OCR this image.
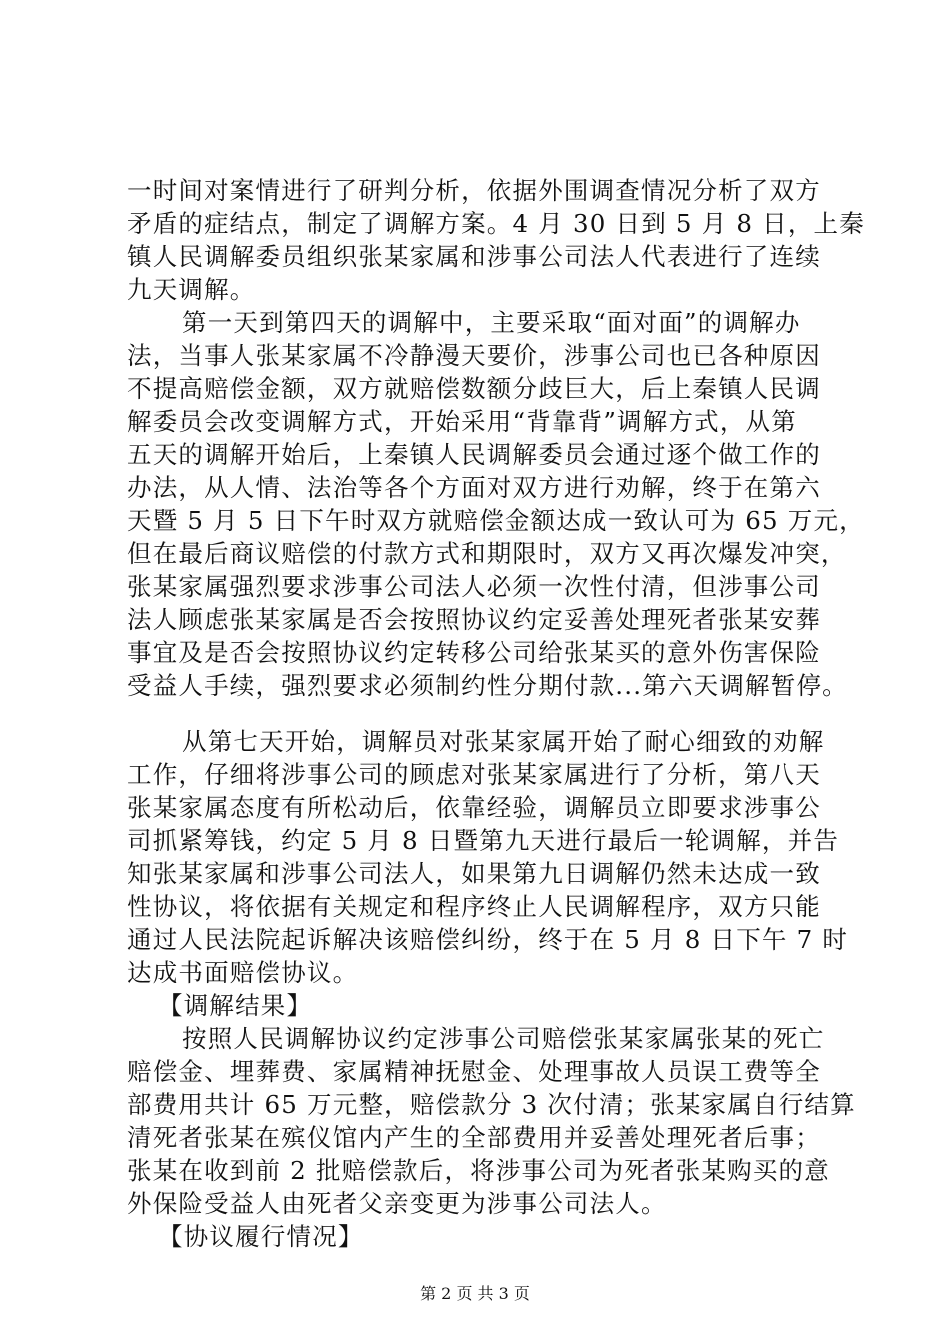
一时间对案情进行了研判分析，依据外围调查情况分析了双方
矛盾的症结点，制定了调解方案。4 月 30 日到 5 月 8 日，上秦
镇人民调解委员组织张某家属和涉事公司法人代表进行了连续
九天调解。
第一天到第四天的调解中，主要采取“面对面”的调解办
法，当事人张某家属不冷静漫天要价，涉事公司也已各种原因
不提高赔偿金额，双方就赔偿数额分歧巨大，后上秦镇人民调
解委员会改变调解方式，开始采用“背靠背”调解方式，从第
五天的调解开始后，上秦镇人民调解委员会通过逐个做工作的
办法，从人情、法治等各个方面对双方进行劝解，终于在第六
天暨 5 月 5 日下午时双方就赔偿金额达成一致认可为 65 万元，
但在最后商议赔偿的付款方式和期限时，双方又再次爆发冲突，
张某家属强烈要求涉事公司法人必须一次性付清，但涉事公司
法人顾虑张某家属是否会按照协议约定妥善处理死者张某安葬
事宜及是否会按照协议约定转移公司给张某买的意外伤害保险
受益人手续，强烈要求必须制约性分期付款...第六天调解暂停。
从第七天开始，调解员对张某家属开始了耐心细致的劝解
工作，仔细将涉事公司的顾虑对张某家属进行了分析，第八天
张某家属态度有所松动后，依靠经验，调解员立即要求涉事公
司抓紧筹钱，约定 5 月 8 日暨第九天进行最后一轮调解，并告
知张某家属和涉事公司法人，如果第九日调解仍然未达成一致
性协议，将依据有关规定和程序终止人民调解程序，双方只能
通过人民法院起诉解决该赔偿纠纷，终于在 5 月 8 日下午 7 时
达成书面赔偿协议。
【调解结果】
按照人民调解协议约定涉事公司赔偿张某家属张某的死亡
赔偿金、埋葬费、家属精神抚慰金、处理事故人员误工费等全
部费用共计 65 万元整，赔偿款分 3 次付清；张某家属自行结算
清死者张某在殡仪馆内产生的全部费用并妥善处理死者后事；
张某在收到前 2 批赔偿款后，将涉事公司为死者张某购买的意
外保险受益人由死者父亲变更为涉事公司法人。
【协议履行情况】
第 2 页 共 3 页
